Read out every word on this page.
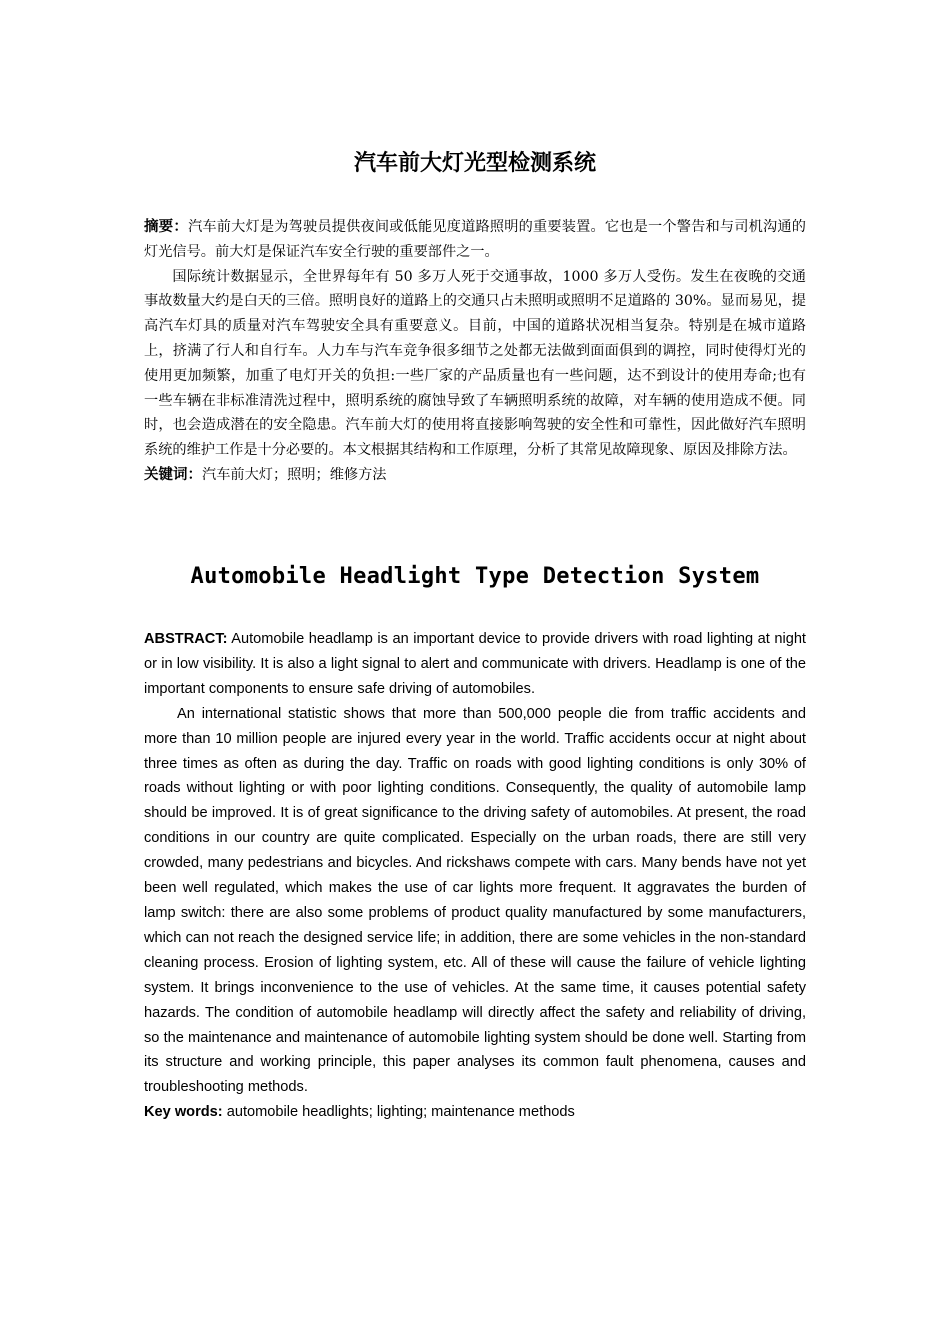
汽车前大灯光型检测系统

摘要：汽车前大灯是为驾驶员提供夜间或低能见度道路照明的重要装置。它也是一个警告和与司机沟通的灯光信号。前大灯是保证汽车安全行驶的重要部件之一。

国际统计数据显示，全世界每年有 50 多万人死于交通事故，1000 多万人受伤。发生在夜晚的交通事故数量大约是白天的三倍。照明良好的道路上的交通只占未照明或照明不足道路的 30%。显而易见，提高汽车灯具的质量对汽车驾驶安全具有重要意义。目前，中国的道路状况相当复杂。特别是在城市道路上，挤满了行人和自行车。人力车与汽车竞争很多细节之处都无法做到面面俱到的调控，同时使得灯光的使用更加频繁，加重了电灯开关的负担:一些厂家的产品质量也有一些问题，达不到设计的使用寿命;也有一些车辆在非标准清洗过程中，照明系统的腐蚀导致了车辆照明系统的故障，对车辆的使用造成不便。同时，也会造成潜在的安全隐患。汽车前大灯的使用将直接影响驾驶的安全性和可靠性，因此做好汽车照明系统的维护工作是十分必要的。本文根据其结构和工作原理，分析了其常见故障现象、原因及排除方法。

关键词：汽车前大灯；照明；维修方法

Automobile Headlight Type Detection System

ABSTRACT: Automobile headlamp is an important device to provide drivers with road lighting at night or in low visibility. It is also a light signal to alert and communicate with drivers. Headlamp is one of the important components to ensure safe driving of automobiles.

An international statistic shows that more than 500,000 people die from traffic accidents and more than 10 million people are injured every year in the world. Traffic accidents occur at night about three times as often as during the day. Traffic on roads with good lighting conditions is only 30% of roads without lighting or with poor lighting conditions. Consequently, the quality of automobile lamp should be improved. It is of great significance to the driving safety of automobiles. At present, the road conditions in our country are quite complicated. Especially on the urban roads, there are still very crowded, many pedestrians and bicycles. And rickshaws compete with cars. Many bends have not yet been well regulated, which makes the use of car lights more frequent. It aggravates the burden of lamp switch: there are also some problems of product quality manufactured by some manufacturers, which can not reach the designed service life; in addition, there are some vehicles in the non-standard cleaning process. Erosion of lighting system, etc. All of these will cause the failure of vehicle lighting system. It brings inconvenience to the use of vehicles. At the same time, it causes potential safety hazards. The condition of automobile headlamp will directly affect the safety and reliability of driving, so the maintenance and maintenance of automobile lighting system should be done well. Starting from its structure and working principle, this paper analyses its common fault phenomena, causes and troubleshooting methods.

Key words: automobile headlights; lighting; maintenance methods
